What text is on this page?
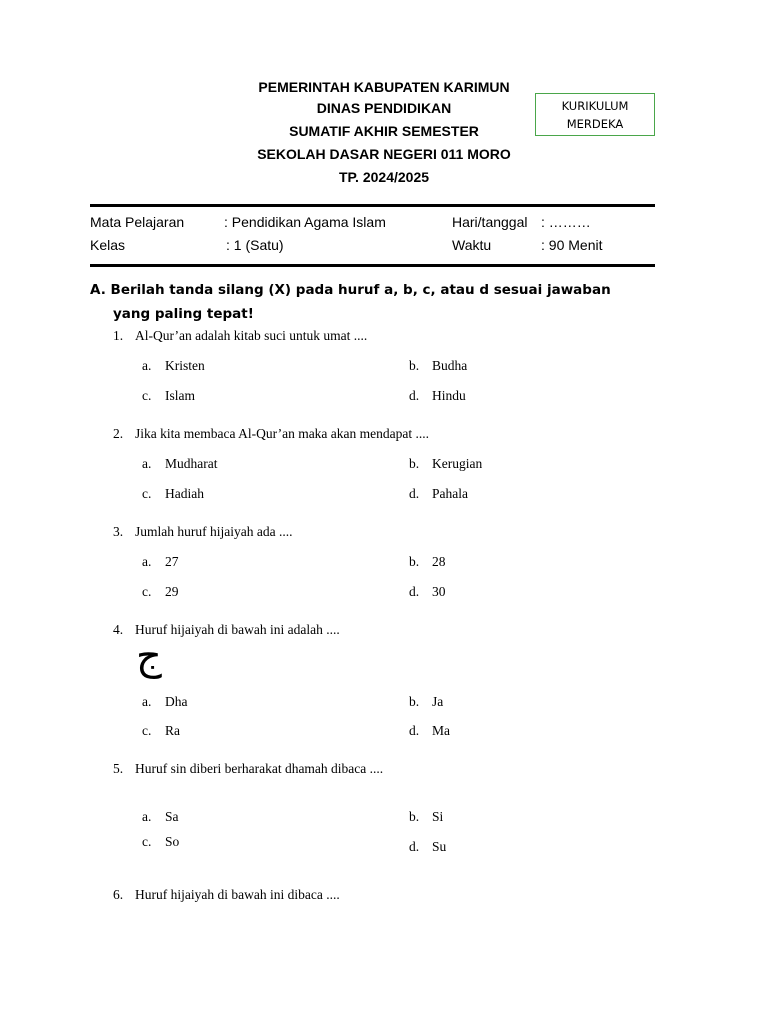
PEMERINTAH KABUPATEN KARIMUN
DINAS PENDIDIKAN
SUMATIF AKHIR SEMESTER
SEKOLAH DASAR NEGERI 011 MORO
TP. 2024/2025
KURIKULUM
MERDEKA
Mata Pelajaran	: Pendidikan Agama Islam	Hari/tanggal : ………
Kelas	: 1 (Satu)	Waktu	: 90 Menit
A. Berilah tanda silang (X) pada huruf a, b, c, atau d sesuai jawaban
yang paling tepat!
1. Al-Qur’an adalah kitab suci untuk umat ....
a. Kristen	b. Budha
c. Islam	d. Hindu
2. Jika kita membaca Al-Qur’an maka akan mendapat ....
a. Mudharat	b. Kerugian
c. Hadiah	d. Pahala
3. Jumlah huruf hijaiyah ada ....
a. 27	b. 28
c. 29	d. 30
4. Huruf hijaiyah di bawah ini adalah ....
ج
a. Dha	b. Ja
c. Ra	d. Ma
5. Huruf sin diberi berharakat dhamah dibaca ....
a. Sa	b. Si
c. So	d. Su
6. Huruf hijaiyah di bawah ini dibaca ....
